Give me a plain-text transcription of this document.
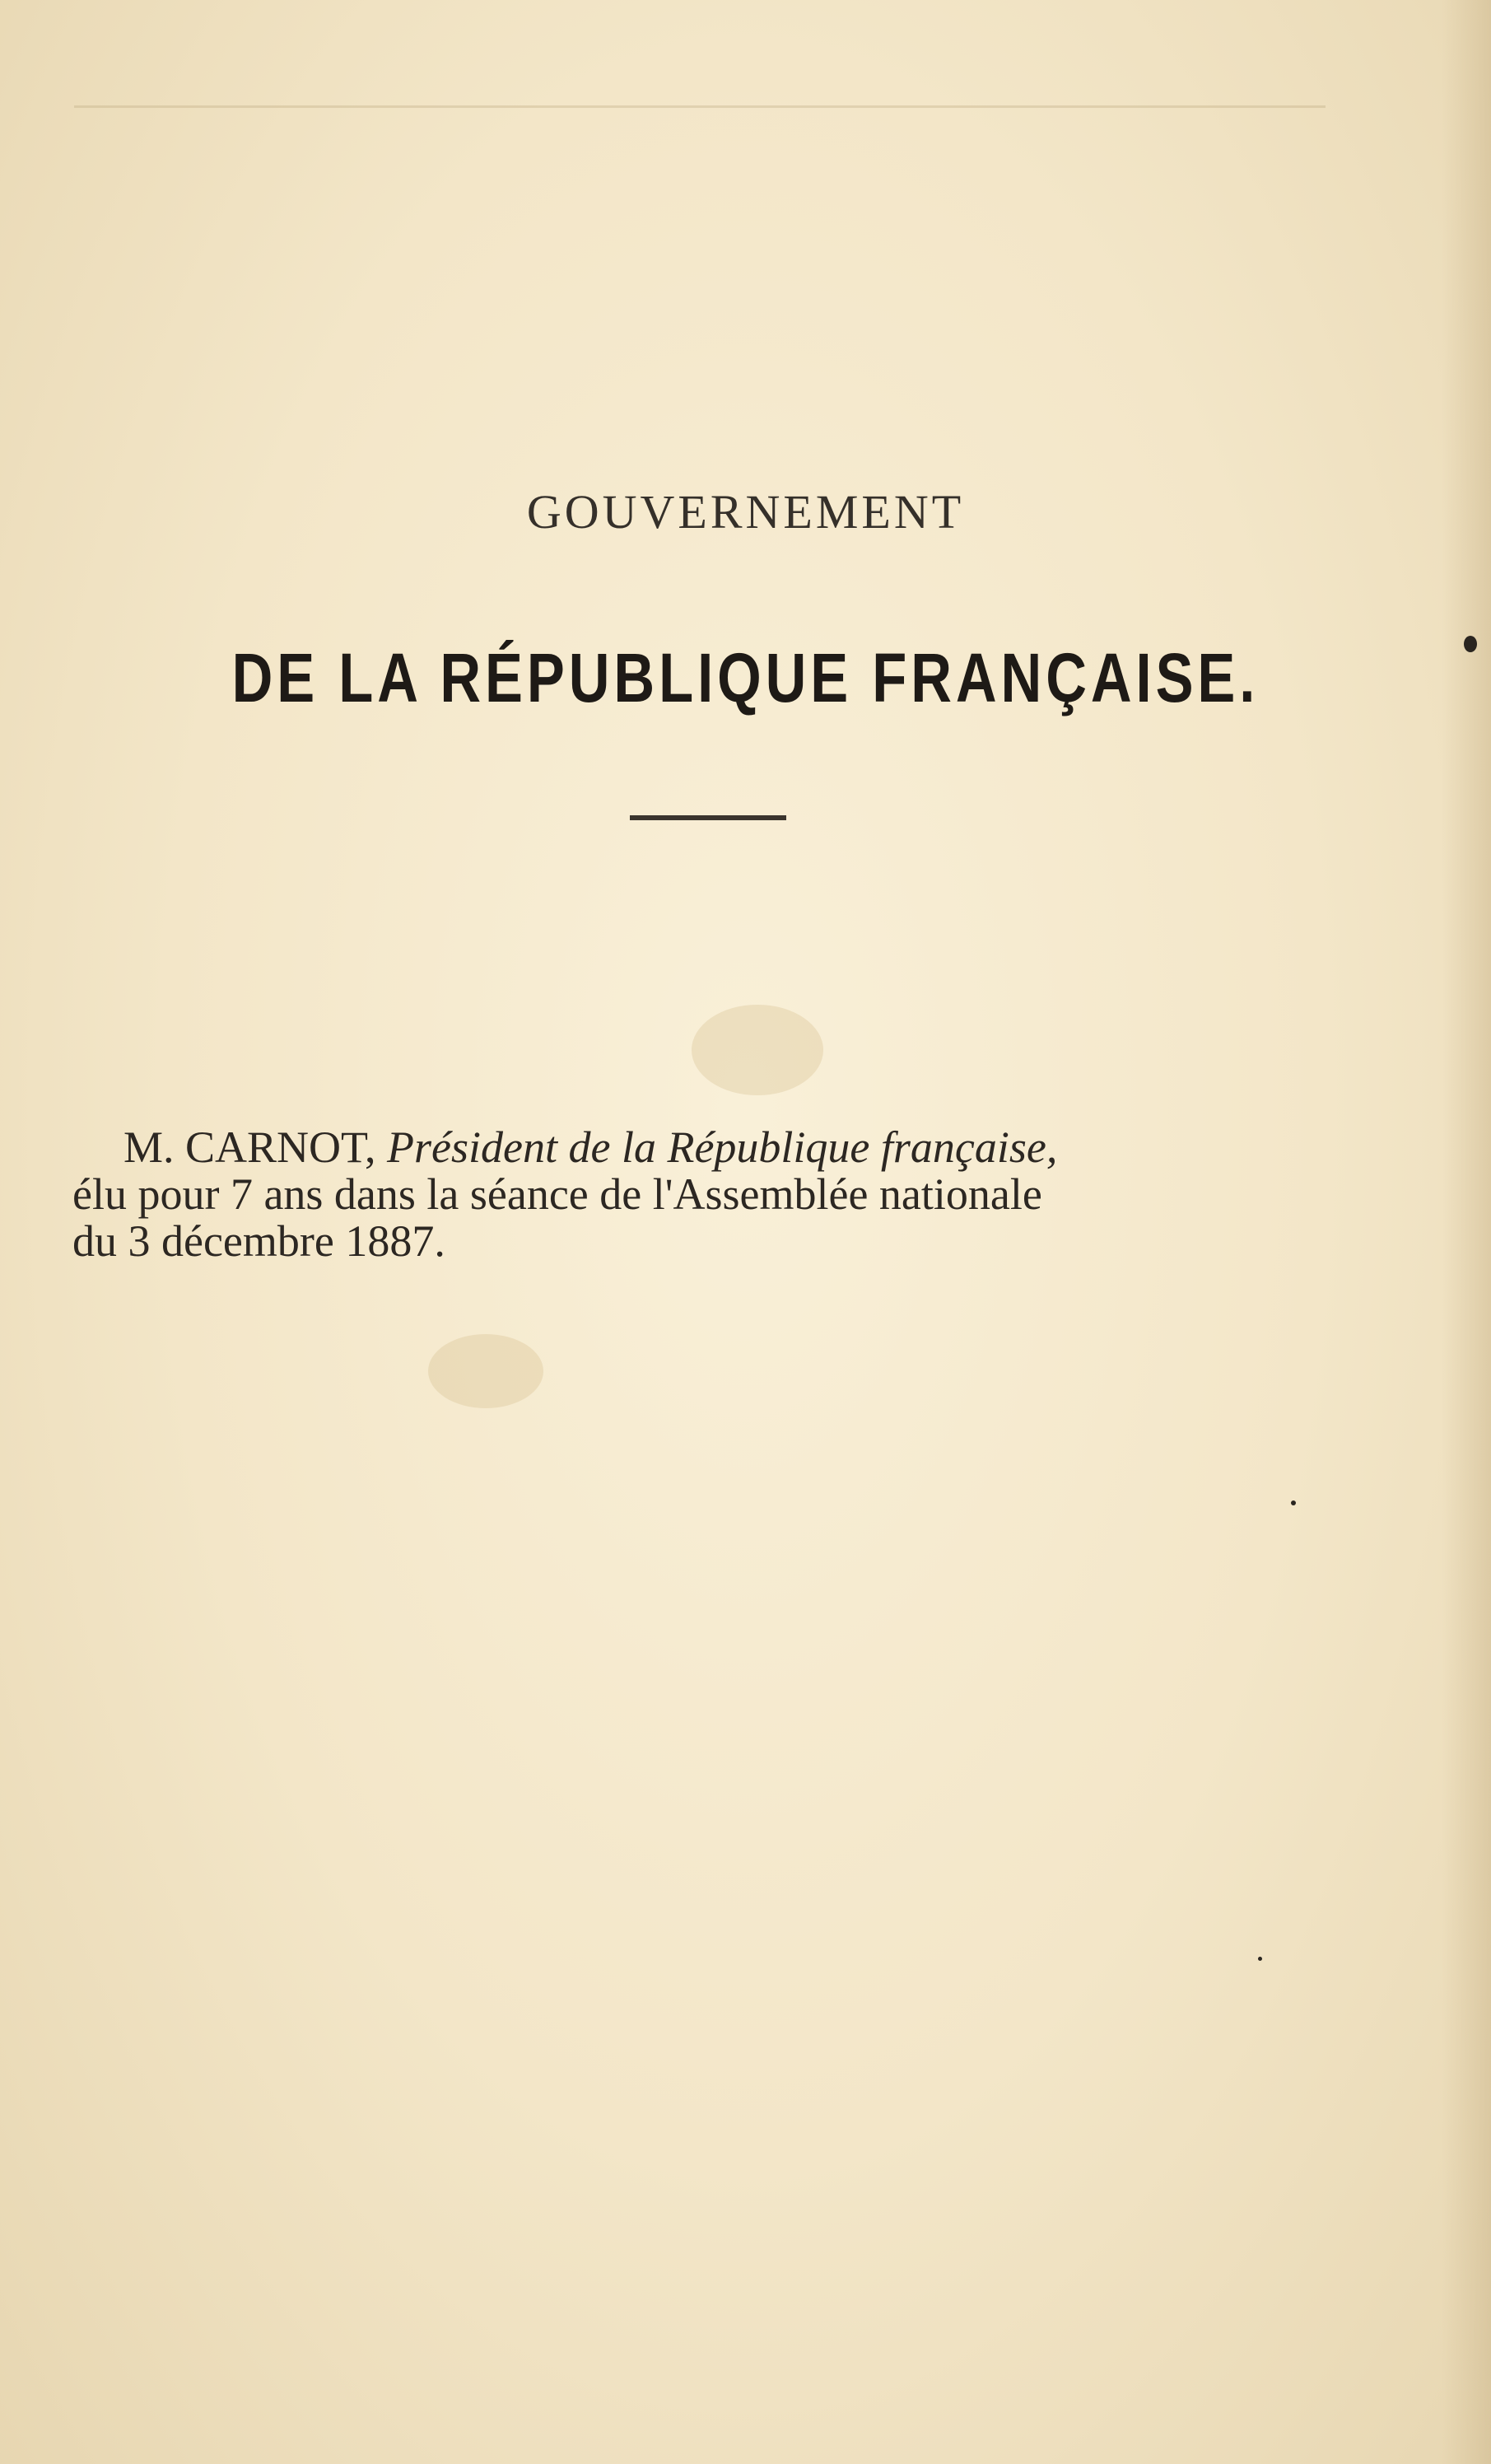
GOUVERNEMENT
DE LA RÉPUBLIQUE FRANÇAISE.
M. CARNOT, Président de la République française,
élu pour 7 ans dans la séance de l'Assemblée nationale
du 3 décembre 1887.
